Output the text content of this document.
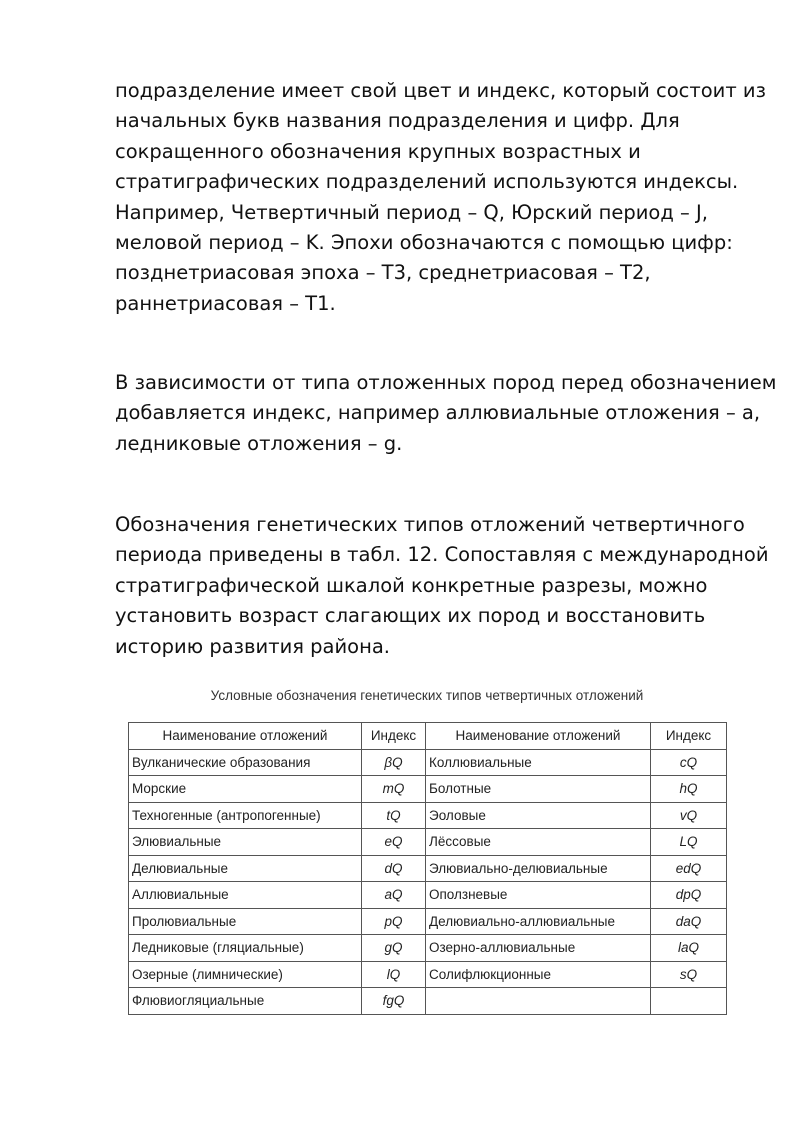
подразделение имеет свой цвет и индекс, который состоит из
начальных букв названия подразделения и цифр. Для
сокращенного обозначения крупных возрастных и
стратиграфических подразделений используются индексы.
Например, Четвертичный период – Q, Юрский период – J,
меловой период – K. Эпохи обозначаются с помощью цифр:
позднетриасовая эпоха – T3, среднетриасовая – T2,
раннетриасовая – T1.
В зависимости от типа отложенных пород перед обозначением
добавляется индекс, например аллювиальные отложения – a,
ледниковые отложения – g.
Обозначения генетических типов отложений четвертичного
периода приведены в табл. 12. Сопоставляя с международной
стратиграфической шкалой конкретные разрезы, можно
установить возраст слагающих их пород и восстановить
историю развития района.
Условные обозначения генетических типов четвертичных отложений
Наименование отложений	Индекс	Наименование отложений	Индекс
Вулканические образования	βQ	Коллювиальные	cQ
Морские	mQ	Болотные	hQ
Техногенные (антропогенные)	tQ	Эоловые	vQ
Элювиальные	eQ	Лёссовые	LQ
Делювиальные	dQ	Элювиально-делювиальные	edQ
Аллювиальные	aQ	Оползневые	dpQ
Пролювиальные	pQ	Делювиально-аллювиальные	daQ
Ледниковые (гляциальные)	gQ	Озерно-аллювиальные	laQ
Озерные (лимнические)	lQ	Солифлюкционные	sQ
Флювиогляциальные	fgQ		
